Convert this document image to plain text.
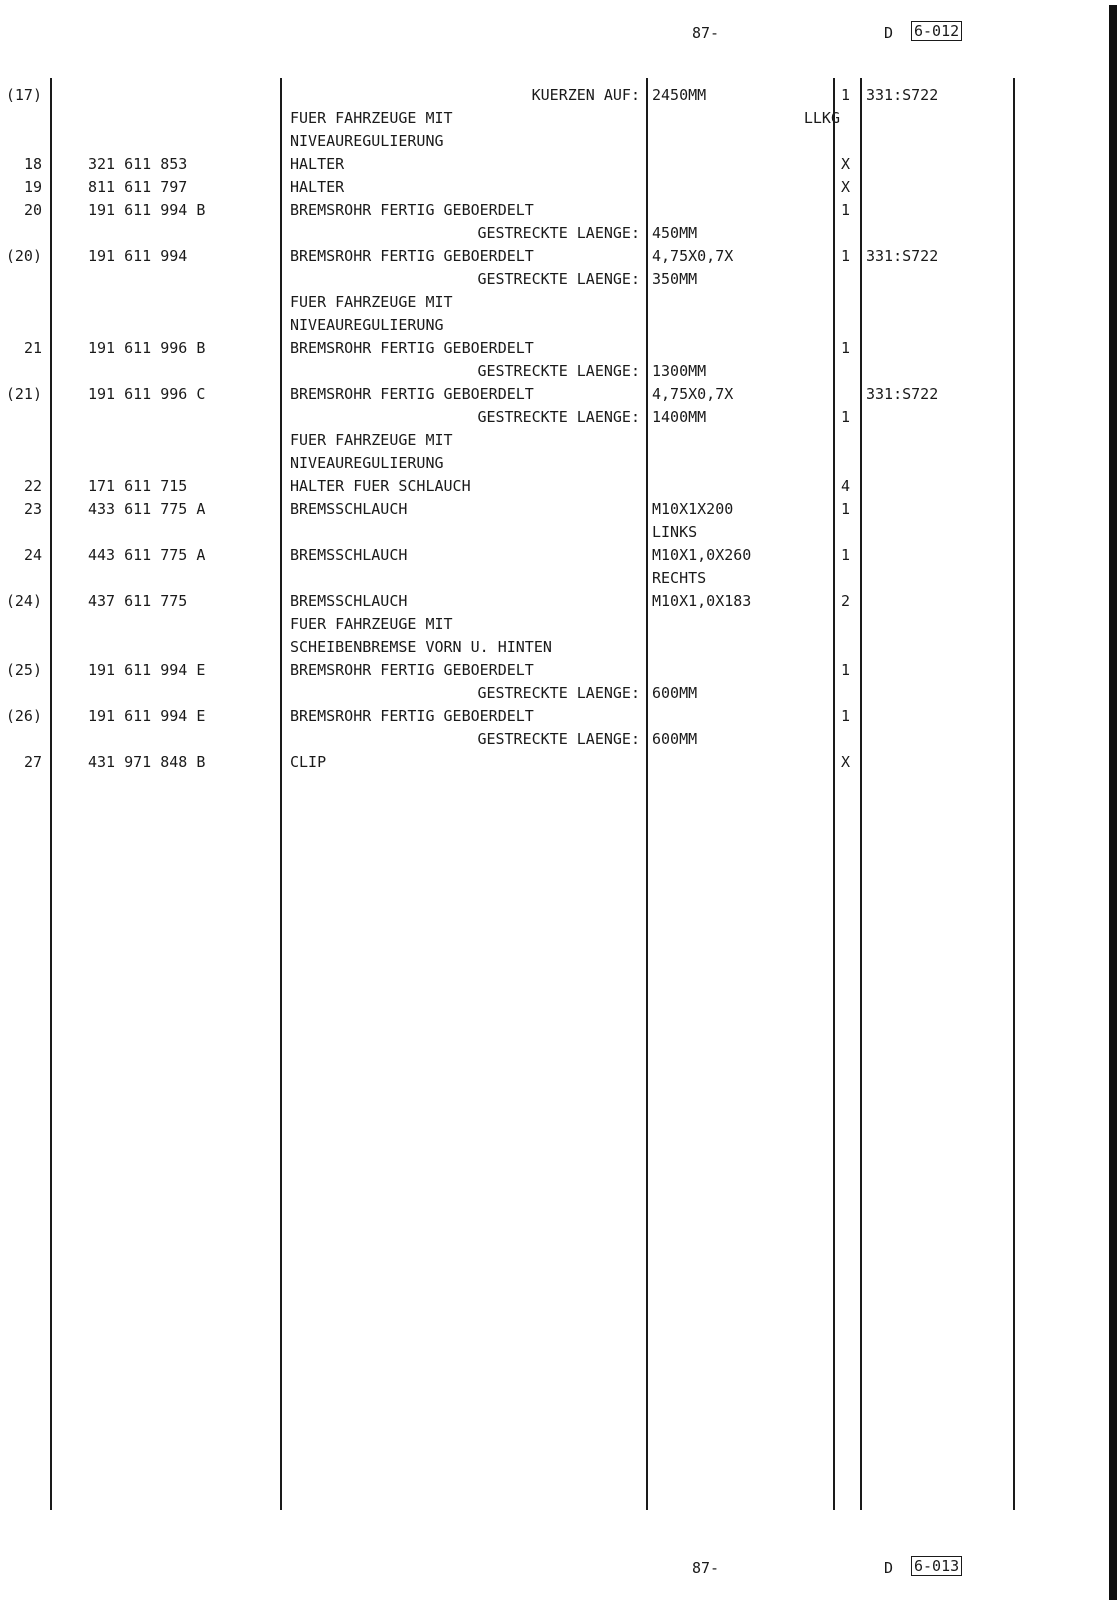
87-	D 6-012
(17)	KUERZEN AUF: 2450MM	1 331:S722
FUER FAHRZEUGE MIT	LLKG
NIVEAUREGULIERUNG
18	321 611 853	HALTER	X
19	811 611 797	HALTER	X
20	191 611 994 B	BREMSROHR FERTIG GEBOERDELT	1
GESTRECKTE LAENGE: 450MM
(20)	191 611 994	BREMSROHR FERTIG GEBOERDELT	4,75X0,7X	1 331:S722
GESTRECKTE LAENGE: 350MM
FUER FAHRZEUGE MIT
NIVEAUREGULIERUNG
21	191 611 996 B	BREMSROHR FERTIG GEBOERDELT	1
GESTRECKTE LAENGE: 1300MM
(21)	191 611 996 C	BREMSROHR FERTIG GEBOERDELT	4,75X0,7X	331:S722
GESTRECKTE LAENGE: 1400MM	1
FUER FAHRZEUGE MIT
NIVEAUREGULIERUNG
22	171 611 715	HALTER FUER SCHLAUCH	4
23	433 611 775 A	BREMSSCHLAUCH	M10X1X200	1
LINKS
24	443 611 775 A	BREMSSCHLAUCH	M10X1,0X260	1
RECHTS
(24)	437 611 775	BREMSSCHLAUCH	M10X1,0X183	2
FUER FAHRZEUGE MIT
SCHEIBENBREMSE VORN U. HINTEN
(25)	191 611 994 E	BREMSROHR FERTIG GEBOERDELT	1
GESTRECKTE LAENGE: 600MM
(26)	191 611 994 E	BREMSROHR FERTIG GEBOERDELT	1
GESTRECKTE LAENGE: 600MM
27	431 971 848 B	CLIP	X
87-	D 6-013
